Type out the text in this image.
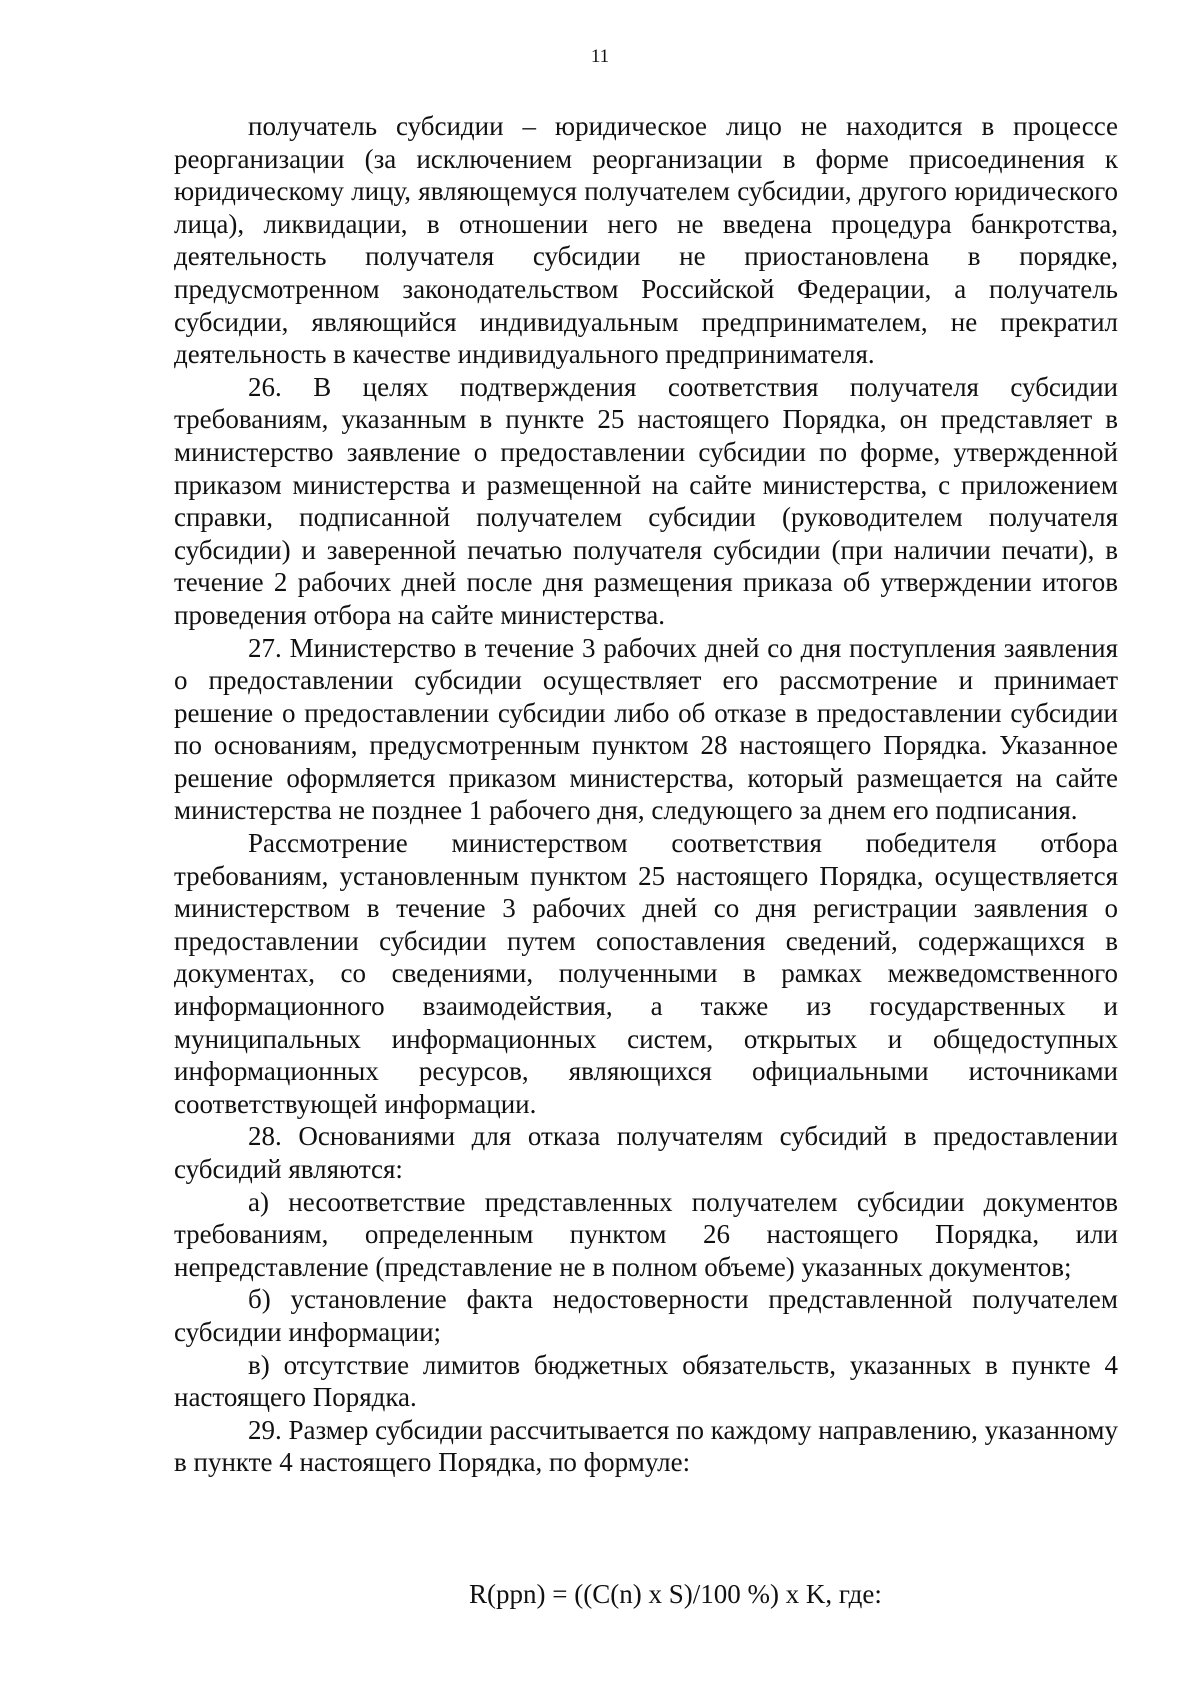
11

получатель субсидии – юридическое лицо не находится в процессе реорганизации (за исключением реорганизации в форме присоединения к юридическому лицу, являющемуся получателем субсидии, другого юридического лица), ликвидации, в отношении него не введена процедура банкротства, деятельность получателя субсидии не приостановлена в порядке, предусмотренном законодательством Российской Федерации, а получатель субсидии, являющийся индивидуальным предпринимателем, не прекратил деятельность в качестве индивидуального предпринимателя.

26. В целях подтверждения соответствия получателя субсидии требованиям, указанным в пункте 25 настоящего Порядка, он представляет в министерство заявление о предоставлении субсидии по форме, утвержденной приказом министерства и размещенной на сайте министерства, с приложением справки, подписанной получателем субсидии (руководителем получателя субсидии) и заверенной печатью получателя субсидии (при наличии печати), в течение 2 рабочих дней после дня размещения приказа об утверждении итогов проведения отбора на сайте министерства.

27. Министерство в течение 3 рабочих дней со дня поступления заявления о предоставлении субсидии осуществляет его рассмотрение и принимает решение о предоставлении субсидии либо об отказе в предоставлении субсидии по основаниям, предусмотренным пунктом 28 настоящего Порядка. Указанное решение оформляется приказом министерства, который размещается на сайте министерства не позднее 1 рабочего дня, следующего за днем его подписания.

Рассмотрение министерством соответствия победителя отбора требованиям, установленным пунктом 25 настоящего Порядка, осуществляется министерством в течение 3 рабочих дней со дня регистрации заявления о предоставлении субсидии путем сопоставления сведений, содержащихся в документах, со сведениями, полученными в рамках межведомственного информационного взаимодействия, а также из государственных и муниципальных информационных систем, открытых и общедоступных информационных ресурсов, являющихся официальными источниками соответствующей информации.

28. Основаниями для отказа получателям субсидий в предоставлении субсидий являются:

а) несоответствие представленных получателем субсидии документов требованиям, определенным пунктом 26 настоящего Порядка, или непредставление (представление не в полном объеме) указанных документов;

б) установление факта недостоверности представленной получателем субсидии информации;

в) отсутствие лимитов бюджетных обязательств, указанных в пункте 4 настоящего Порядка.

29. Размер субсидии рассчитывается по каждому направлению, указанному в пункте 4 настоящего Порядка, по формуле:

R(ppn) = ((C(n) x S)/100 %) x K, где:
